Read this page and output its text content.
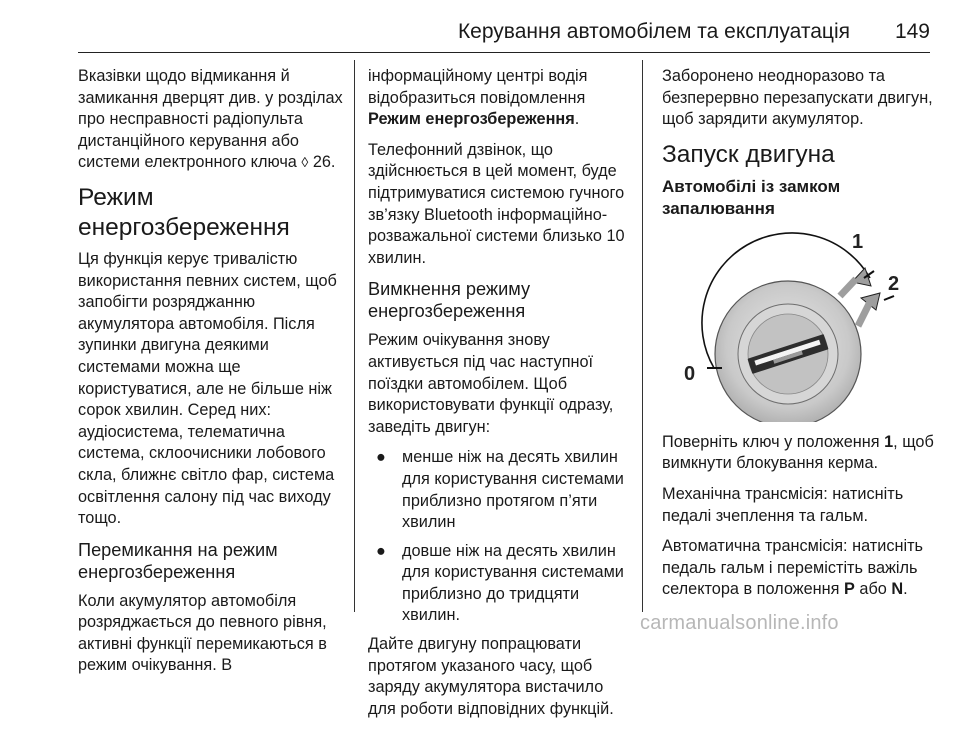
Керування автомобілем та експлуатація 149

Вказівки щодо відмикання й замикання дверцят див. у розділах про несправності радіопульта дистанційного керування або системи електронного ключа ◊ 26.

Режим енергозбереження

Ця функція керує тривалістю використання певних систем, щоб запобігти розряджанню акумулятора автомобіля. Після зупинки двигуна деякими системами можна ще користуватися, але не більше ніж сорок хвилин. Серед них: аудіосистема, телематична система, склоочисники лобового скла, ближнє світло фар, система освітлення салону під час виходу тощо.

Перемикання на режим енергозбереження

Коли акумулятор автомобіля розряджається до певного рівня, активні функції перемикаються в режим очікування. В

інформаційному центрі водія відобразиться повідомлення Режим енергозбереження.

Телефонний дзвінок, що здійснюється в цей момент, буде підтримуватися системою гучного зв’язку Bluetooth інформаційно-розважальної системи близько 10 хвилин.

Вимкнення режиму енергозбереження

Режим очікування знову активується під час наступної поїздки автомобілем. Щоб використовувати функції одразу, заведіть двигун:

● менше ніж на десять хвилин для користування системами приблизно протягом п’яти хвилин
● довше ніж на десять хвилин для користування системами приблизно до тридцяти хвилин.

Дайте двигуну попрацювати протягом указаного часу, щоб заряду акумулятора вистачило для роботи відповідних функцій.

Заборонено неодноразово та безперервно перезапускати двигун, щоб зарядити акумулятор.

Запуск двигуна
Автомобілі із замком запалювання
0
1
2

Поверніть ключ у положення 1, щоб вимкнути блокування керма.

Механічна трансмісія: натисніть педалі зчеплення та гальм.

Автоматична трансмісія: натисніть педаль гальм і перемістіть важіль селектора в положення P або N.

carmanualsonline.info
